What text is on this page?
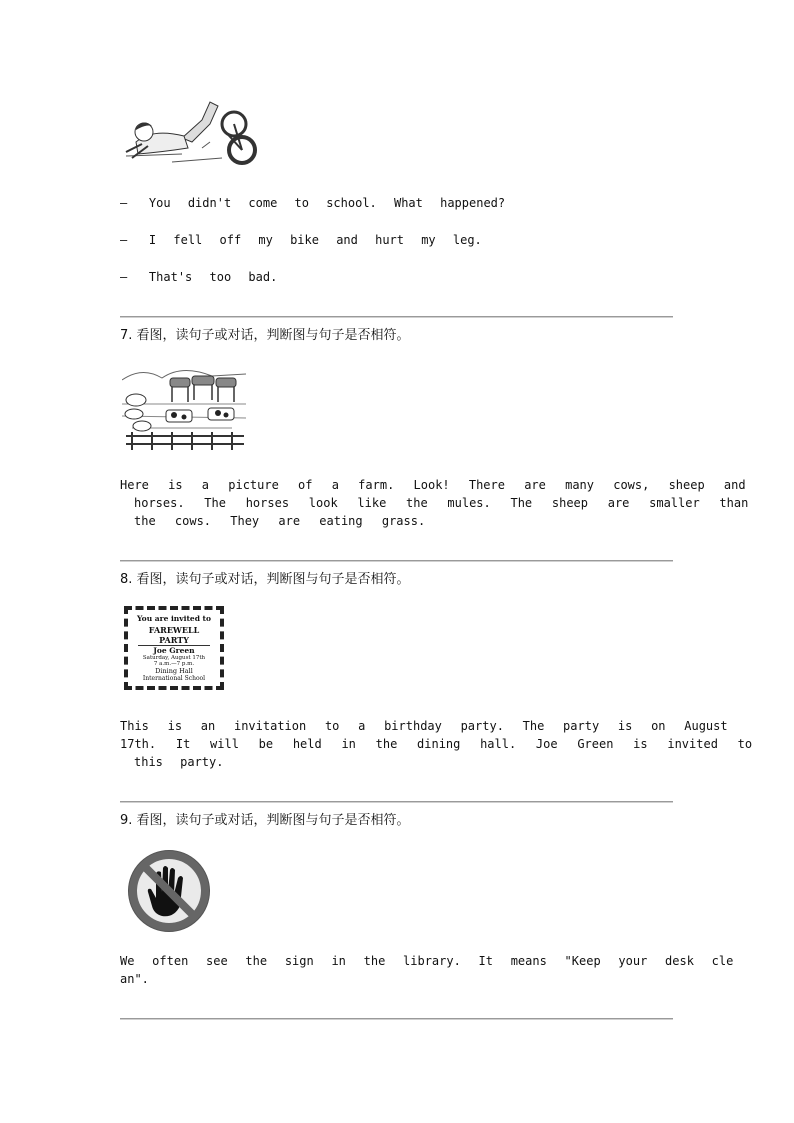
— You didn't come to school. What happened?
— I fell off my bike and hurt my leg.
— That's too bad.
7. 看图，读句子或对话，判断图与句子是否相符。
Here is a picture of a farm. Look! There are many cows, sheep and
horses. The horses look like the mules. The sheep are smaller than
the cows. They are eating grass.
8. 看图，读句子或对话，判断图与句子是否相符。
You are invited to
FAREWELL
PARTY
Joe Green
Saturday, August 17th
7 a.m.—7 p.m.
Dining Hall
International School
This is an invitation to a birthday party. The party is on August
17th. It will be held in the dining hall. Joe Green is invited to
this party.
9. 看图，读句子或对话，判断图与句子是否相符。
We often see the sign in the library. It means "Keep your desk cle
an".
